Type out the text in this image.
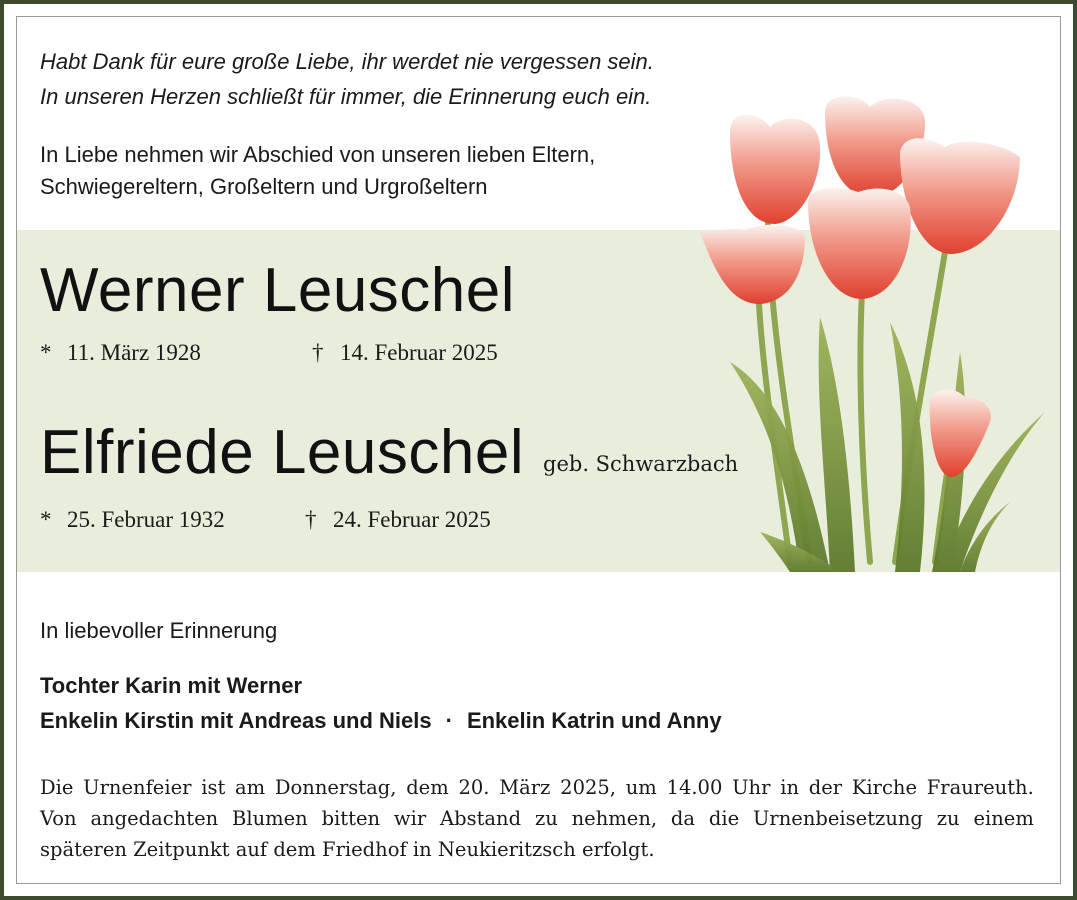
Habt Dank für eure große Liebe, ihr werdet nie vergessen sein.
In unseren Herzen schließt für immer, die Erinnerung euch ein.
In Liebe nehmen wir Abschied von unseren lieben Eltern,
Schwiegereltern, Großeltern und Urgroßeltern
Werner Leuschel
* 11. März 1928	† 14. Februar 2025
Elfriede Leuschel geb. Schwarzbach
* 25. Februar 1932	† 24. Februar 2025
In liebevoller Erinnerung
Tochter Karin mit Werner
Enkelin Kirstin mit Andreas und Niels · Enkelin Katrin und Anny
Die Urnenfeier ist am Donnerstag, dem 20. März 2025, um 14.00 Uhr in der Kirche Fraureuth.
Von angedachten Blumen bitten wir Abstand zu nehmen, da die Urnenbeisetzung zu einem
späteren Zeitpunkt auf dem Friedhof in Neukieritzsch erfolgt.
